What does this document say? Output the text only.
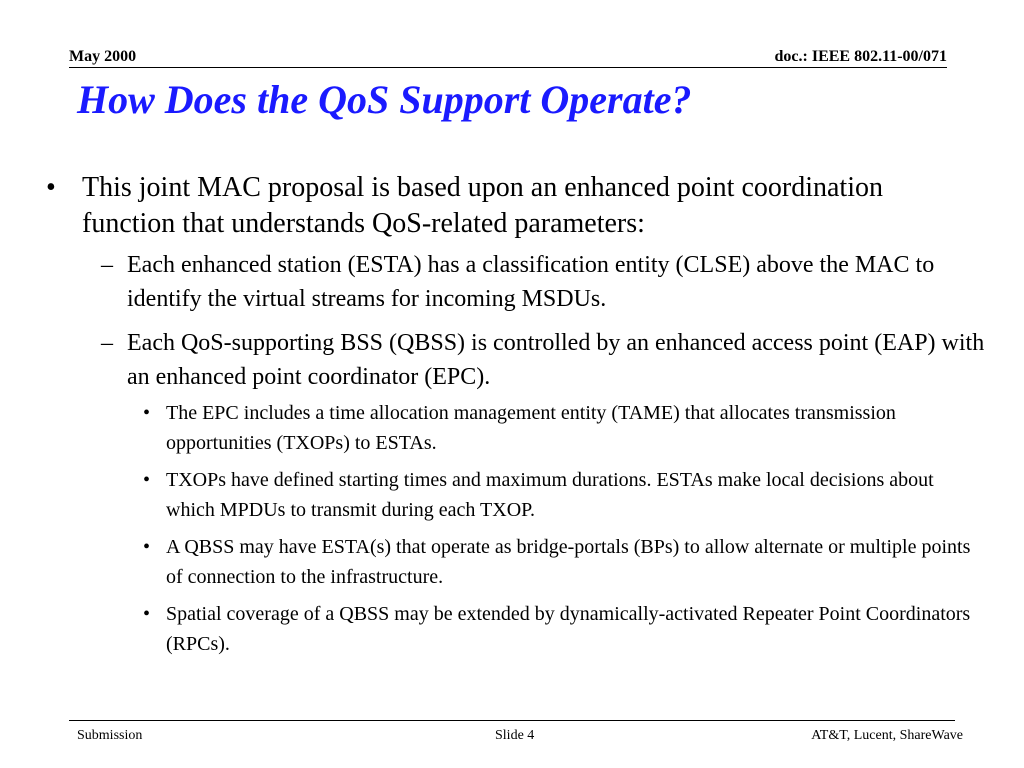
May 2000	doc.: IEEE 802.11-00/071
How Does the QoS Support Operate?
• This joint MAC proposal is based upon an enhanced point coordination function that understands QoS-related parameters:
– Each enhanced station (ESTA) has a classification entity (CLSE) above the MAC to identify the virtual streams for incoming MSDUs.
– Each QoS-supporting BSS (QBSS) is controlled by an enhanced access point (EAP) with an enhanced point coordinator (EPC).
• The EPC includes a time allocation management entity (TAME) that allocates transmission opportunities (TXOPs) to ESTAs.
• TXOPs have defined starting times and maximum durations. ESTAs make local decisions about which MPDUs to transmit during each TXOP.
• A QBSS may have ESTA(s) that operate as bridge-portals (BPs) to allow alternate or multiple points of connection to the infrastructure.
• Spatial coverage of a QBSS may be extended by dynamically-activated Repeater Point Coordinators (RPCs).
Submission	Slide 4	AT&T, Lucent, ShareWave
